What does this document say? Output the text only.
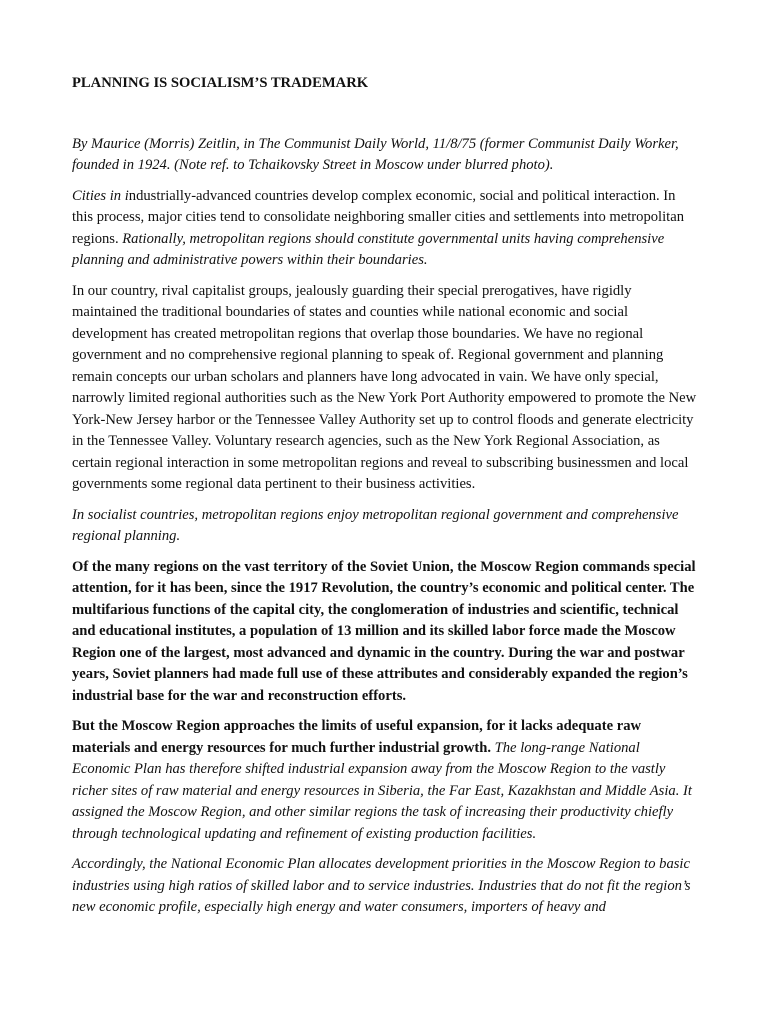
PLANNING IS SOCIALISM’S TRADEMARK

By Maurice (Morris) Zeitlin, in The Communist Daily World, 11/8/75 (former Communist Daily Worker, founded in 1924. (Note ref. to Tchaikovsky Street in Moscow under blurred photo).

Cities in industrially-advanced countries develop complex economic, social and political interaction. In this process, major cities tend to consolidate neighboring smaller cities and settlements into metropolitan regions. Rationally, metropolitan regions should constitute governmental units having comprehensive planning and administrative powers within their boundaries.

In our country, rival capitalist groups, jealously guarding their special prerogatives, have rigidly maintained the traditional boundaries of states and counties while national economic and social development has created metropolitan regions that overlap those boundaries. We have no regional government and no comprehensive regional planning to speak of. Regional government and planning remain concepts our urban scholars and planners have long advocated in vain. We have only special, narrowly limited regional authorities such as the New York Port Authority empowered to promote the New York-New Jersey harbor or the Tennessee Valley Authority set up to control floods and generate electricity in the Tennessee Valley. Voluntary research agencies, such as the New York Regional Association, as certain regional interaction in some metropolitan regions and reveal to subscribing businessmen and local governments some regional data pertinent to their business activities.

In socialist countries, metropolitan regions enjoy metropolitan regional government and comprehensive regional planning.

Of the many regions on the vast territory of the Soviet Union, the Moscow Region commands special attention, for it has been, since the 1917 Revolution, the country’s economic and political center. The multifarious functions of the capital city, the conglomeration of industries and scientific, technical and educational institutes, a population of 13 million and its skilled labor force made the Moscow Region one of the largest, most advanced and dynamic in the country. During the war and postwar years, Soviet planners had made full use of these attributes and considerably expanded the region’s industrial base for the war and reconstruction efforts.

But the Moscow Region approaches the limits of useful expansion, for it lacks adequate raw materials and energy resources for much further industrial growth. The long-range National Economic Plan has therefore shifted industrial expansion away from the Moscow Region to the vastly richer sites of raw material and energy resources in Siberia, the Far East, Kazakhstan and Middle Asia. It assigned the Moscow Region, and other similar regions the task of increasing their productivity chiefly through technological updating and refinement of existing production facilities.

Accordingly, the National Economic Plan allocates development priorities in the Moscow Region to basic industries using high ratios of skilled labor and to service industries. Industries that do not fit the region’s new economic profile, especially high energy and water consumers, importers of heavy and
